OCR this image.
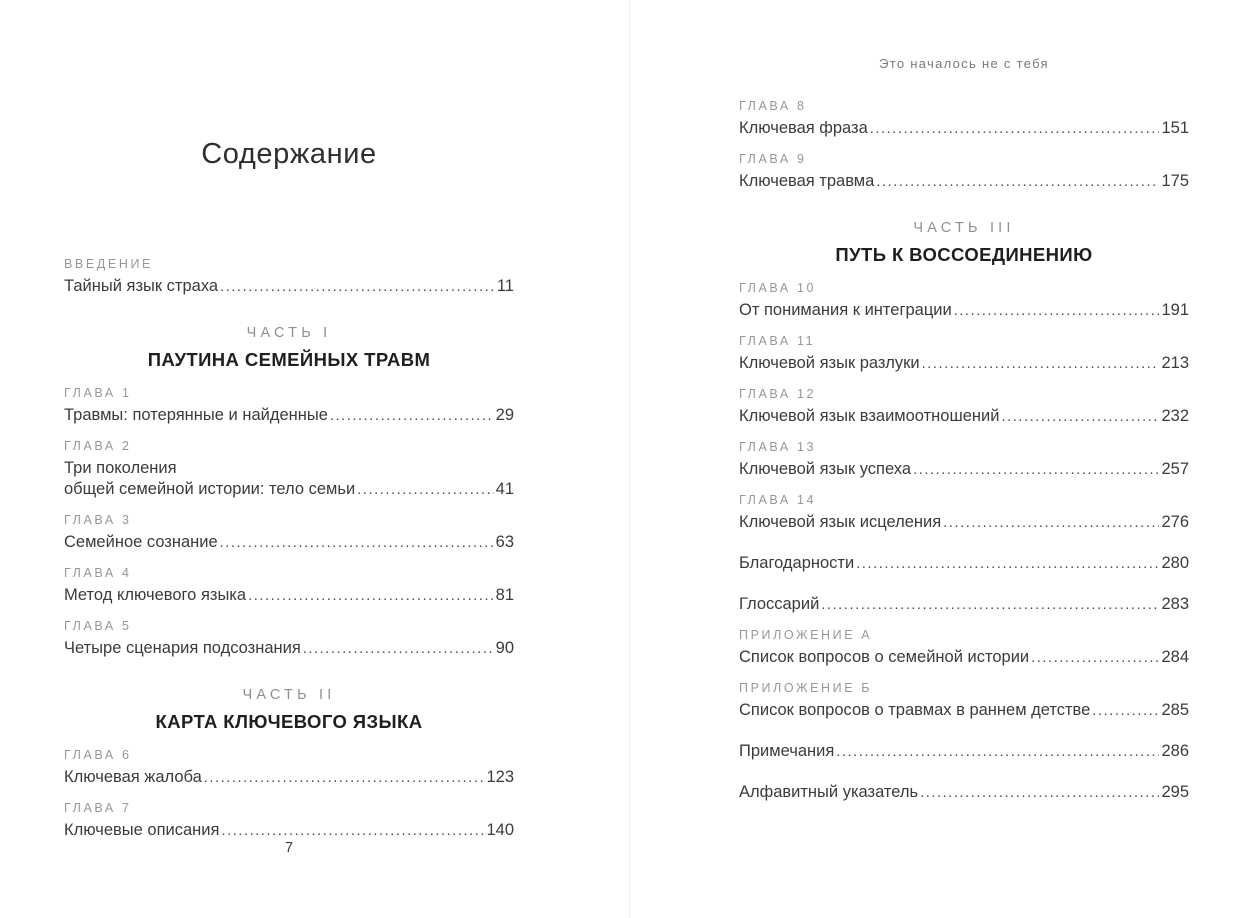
Содержание
ВВЕДЕНИЕ
Тайный язык страха .....	11
ЧАСТЬ I
ПАУТИНА СЕМЕЙНЫХ ТРАВМ
ГЛАВА 1
Травмы: потерянные и найденные .....	29
ГЛАВА 2
Три поколения
общей семейной истории: тело семьи .....	41
ГЛАВА 3
Семейное сознание .....	63
ГЛАВА 4
Метод ключевого языка .....	81
ГЛАВА 5
Четыре сценария подсознания .....	90
ЧАСТЬ II
КАРТА КЛЮЧЕВОГО ЯЗЫКА
ГЛАВА 6
Ключевая жалоба .....	123
ГЛАВА 7
Ключевые описания .....	140
7
Это началось не с тебя
ГЛАВА 8
Ключевая фраза .....	151
ГЛАВА 9
Ключевая травма .....	175
ЧАСТЬ III
ПУТЬ К ВОССОЕДИНЕНИЮ
ГЛАВА 10
От понимания к интеграции .....	191
ГЛАВА 11
Ключевой язык разлуки .....	213
ГЛАВА 12
Ключевой язык взаимоотношений .....	232
ГЛАВА 13
Ключевой язык успеха .....	257
ГЛАВА 14
Ключевой язык исцеления .....	276
Благодарности .....	280
Глоссарий .....	283
ПРИЛОЖЕНИЕ А
Список вопросов о семейной истории .....	284
ПРИЛОЖЕНИЕ Б
Список вопросов о травмах в раннем детстве .....	285
Примечания .....	286
Алфавитный указатель .....	295
